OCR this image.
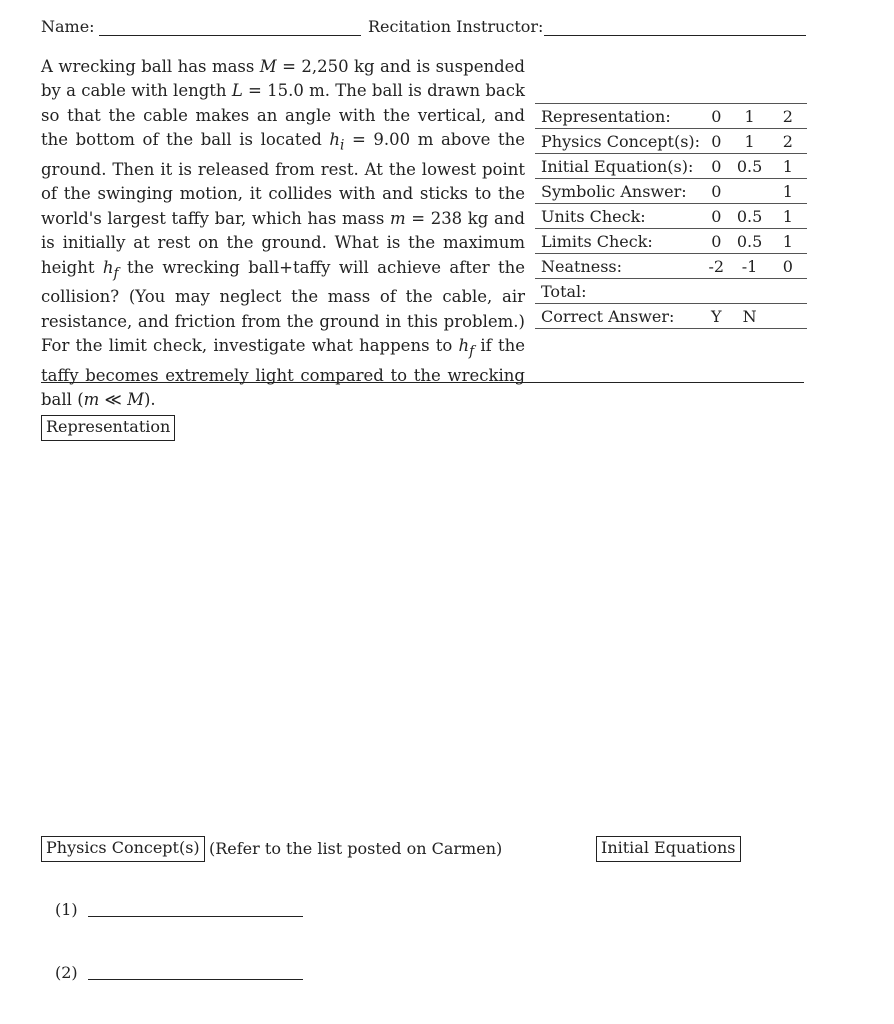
Name:	Recitation Instructor:
A wrecking ball has mass M = 2,250 kg and is suspended by a cable with length L = 15.0 m. The ball is drawn back so that the cable makes an angle with the vertical, and the bottom of the ball is located $h_i = 9.00$ m above the ground. Then it is released from rest. At the lowest point of the swinging motion, it collides with and sticks to the world's largest taffy bar, which has mass m = 238 kg and is initially at rest on the ground. What is the maximum height $h_f$ the wrecking ball+taffy will achieve after the collision? (You may neglect the mass of the cable, air resistance, and friction from the ground in this problem.) For the limit check, investigate what happens to $h_f$ if the taffy becomes extremely light compared to the wrecking ball (m ≪ M).
Representation:	0	1	2
Physics Concept(s):	0	1	2
Initial Equation(s):	0	0.5	1
Symbolic Answer:	0		1
Units Check:	0	0.5	1
Limits Check:	0	0.5	1
Neatness:	-2	-1	0
Total:			
Correct Answer:	Y	N	
Representation
Physics Concept(s) (Refer to the list posted on Carmen)	Initial Equations
(1)
(2)
